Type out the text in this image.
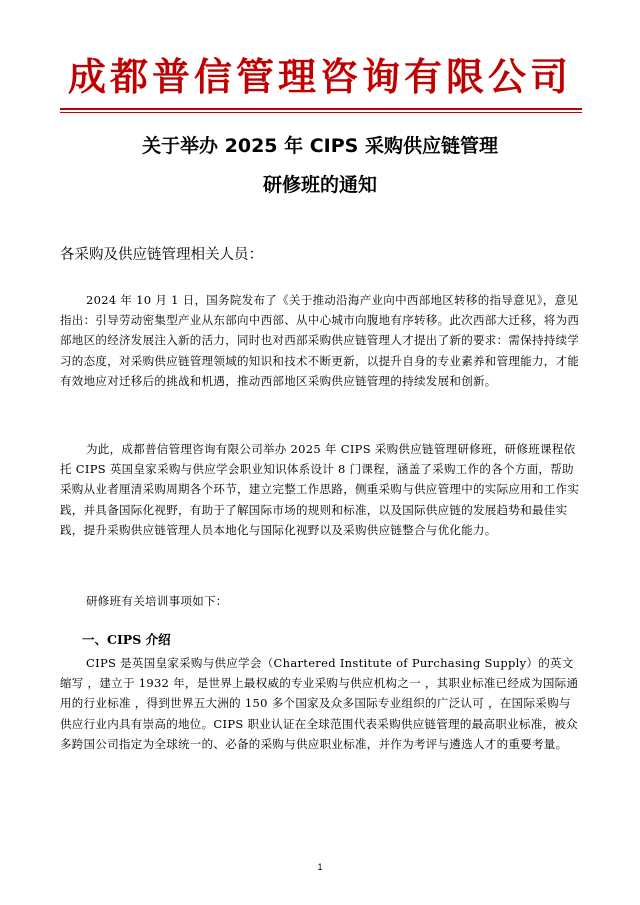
成都普信管理咨询有限公司
关于举办 2025 年 CIPS 采购供应链管理
研修班的通知
各采购及供应链管理相关人员：

2024 年 10 月 1 日，国务院发布了《关于推动沿海产业向中西部地区转移的指导意见》，意见指出：引导劳动密集型产业从东部向中西部、从中心城市向腹地有序转移。此次西部大迁移，将为西部地区的经济发展注入新的活力，同时也对西部采购供应链管理人才提出了新的要求：需保持持续学习的态度，对采购供应链管理领域的知识和技术不断更新，以提升自身的专业素养和管理能力，才能有效地应对迁移后的挑战和机遇，推动西部地区采购供应链管理的持续发展和创新。

为此，成都普信管理咨询有限公司举办 2025 年 CIPS 采购供应链管理研修班，研修班课程依托 CIPS 英国皇家采购与供应学会职业知识体系设计 8 门课程，涵盖了采购工作的各个方面，帮助采购从业者厘清采购周期各个环节，建立完整工作思路，侧重采购与供应管理中的实际应用和工作实践，并具备国际化视野，有助于了解国际市场的规则和标准，以及国际供应链的发展趋势和最佳实践，提升采购供应链管理人员本地化与国际化视野以及采购供应链整合与优化能力。

研修班有关培训事项如下：

一、CIPS 介绍

CIPS 是英国皇家采购与供应学会（Chartered Institute of Purchasing Supply）的英文缩写 ，建立于 1932 年，是世界上最权威的专业采购与供应机构之一 ，其职业标准已经成为国际通用的行业标准 ，得到世界五大洲的 150 多个国家及众多国际专业组织的广泛认可 ，在国际采购与供应行业内具有崇高的地位。CIPS 职业认证在全球范围代表采购供应链管理的最高职业标准，被众多跨国公司指定为全球统一的、必备的采购与供应职业标准，并作为考评与遴选人才的重要考量。

1
